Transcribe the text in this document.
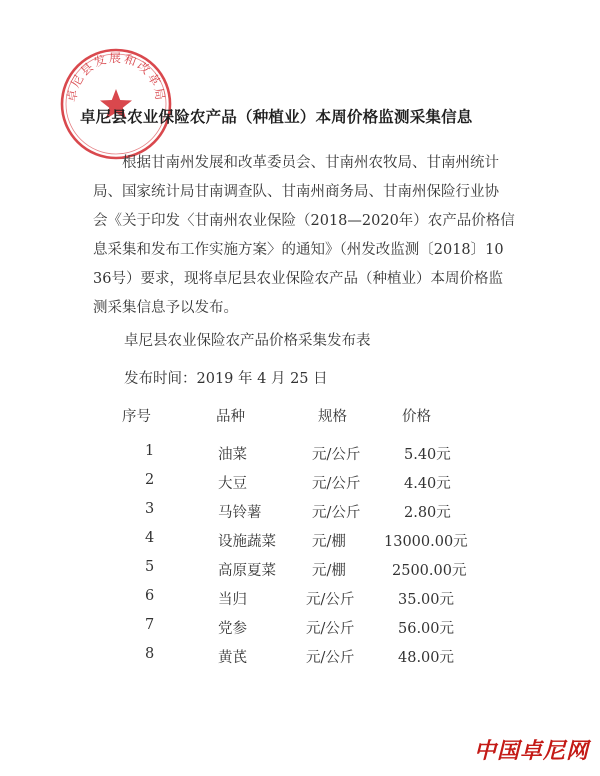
卓尼县发展和改革局
卓尼县农业保险农产品（种植业）本周价格监测采集信息
根据甘南州发展和改革委员会、甘南州农牧局、甘南州统计
局、国家统计局甘南调查队、甘南州商务局、甘南州保险行业协
会《关于印发〈甘南州农业保险（2018—2020年）农产品价格信
息采集和发布工作实施方案〉的通知》（州发改监测〔2018〕10
36号）要求，现将卓尼县农业保险农产品（种植业）本周价格监
测采集信息予以发布。
卓尼县农业保险农产品价格采集发布表
发布时间：2019 年 4 月 25 日
序号	品种	规格	价格
1	油菜	元/公斤	5.40元
2	大豆	元/公斤	4.40元
3	马铃薯	元/公斤	2.80元
4	设施蔬菜 元/棚	13000.00元
5	高原夏菜 元/棚	2500.00元
6	当归	元/公斤	35.00元
7	党参	元/公斤	56.00元
8	黄芪	元/公斤	48.00元
中国卓尼网
